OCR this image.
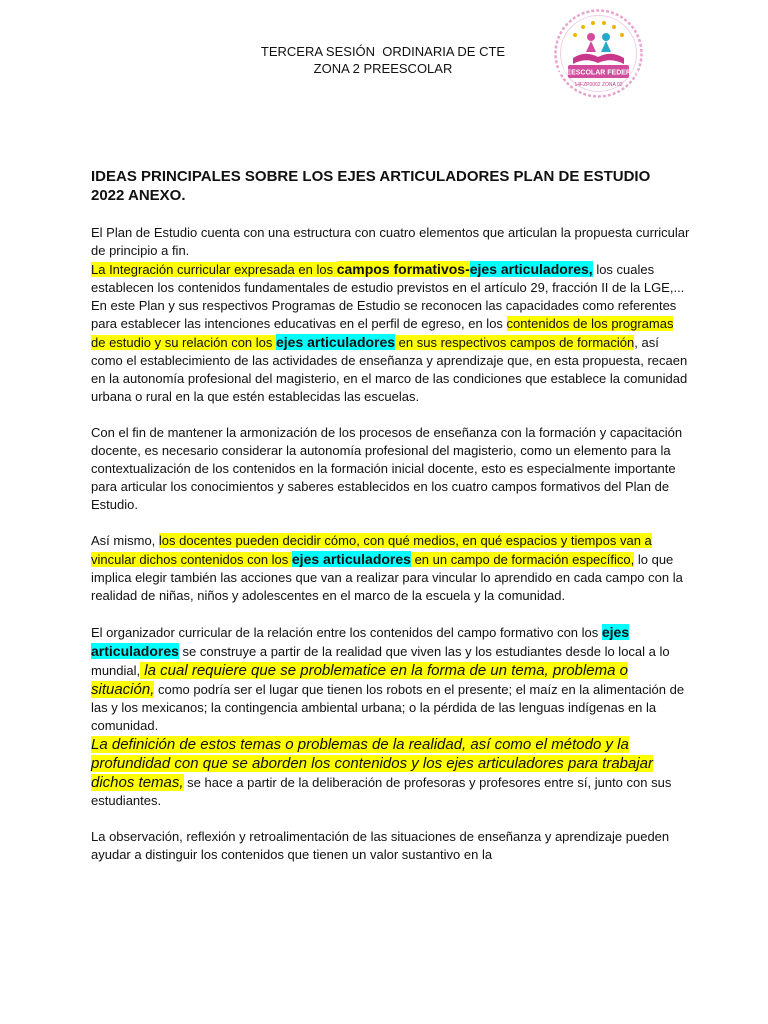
TERCERA SESIÓN  ORDINARIA DE CTE
ZONA 2 PREESCOLAR	PREESCOLAR FEDERAL
14FZP0002 ZONA 02
IDEAS PRINCIPALES SOBRE LOS EJES ARTICULADORES PLAN DE ESTUDIO 2022 ANEXO.

El Plan de Estudio cuenta con una estructura con cuatro elementos que articulan la propuesta curricular de principio a fin.

La Integración curricular expresada en los campos formativos-ejes articuladores, los cuales establecen los contenidos fundamentales de estudio previstos en el artículo 29, fracción II de la LGE,...

En este Plan y sus respectivos Programas de Estudio se reconocen las capacidades como referentes para establecer las intenciones educativas en el perfil de egreso, en los contenidos de los programas de estudio y su relación con los ejes articuladores en sus respectivos campos de formación, así como el establecimiento de las actividades de enseñanza y aprendizaje que, en esta propuesta, recaen en la autonomía profesional del magisterio, en el marco de las condiciones que establece la comunidad urbana o rural en la que estén establecidas las escuelas.

Con el fin de mantener la armonización de los procesos de enseñanza con la formación y capacitación docente, es necesario considerar la autonomía profesional del magisterio, como un elemento para la contextualización de los contenidos en la formación inicial docente, esto es especialmente importante para articular los conocimientos y saberes establecidos en los cuatro campos formativos del Plan de Estudio.

Así mismo, los docentes pueden decidir cómo, con qué medios, en qué espacios y tiempos van a vincular dichos contenidos con los ejes articuladores en un campo de formación específico, lo que implica elegir también las acciones que van a realizar para vincular lo aprendido en cada campo con la realidad de niñas, niños y adolescentes en el marco de la escuela y la comunidad.

El organizador curricular de la relación entre los contenidos del campo formativo con los ejes articuladores se construye a partir de la realidad que viven las y los estudiantes desde lo local a lo mundial, la cual requiere que se problematice en la forma de un tema, problema o situación, como podría ser el lugar que tienen los robots en el presente; el maíz en la alimentación de las y los mexicanos; la contingencia ambiental urbana; o la pérdida de las lenguas indígenas en la comunidad.

La definición de estos temas o problemas de la realidad, así como el método y la profundidad con que se aborden los contenidos y los ejes articuladores para trabajar dichos temas, se hace a partir de la deliberación de profesoras y profesores entre sí, junto con sus estudiantes.

La observación, reflexión y retroalimentación de las situaciones de enseñanza y aprendizaje pueden ayudar a distinguir los contenidos que tienen un valor sustantivo en la
